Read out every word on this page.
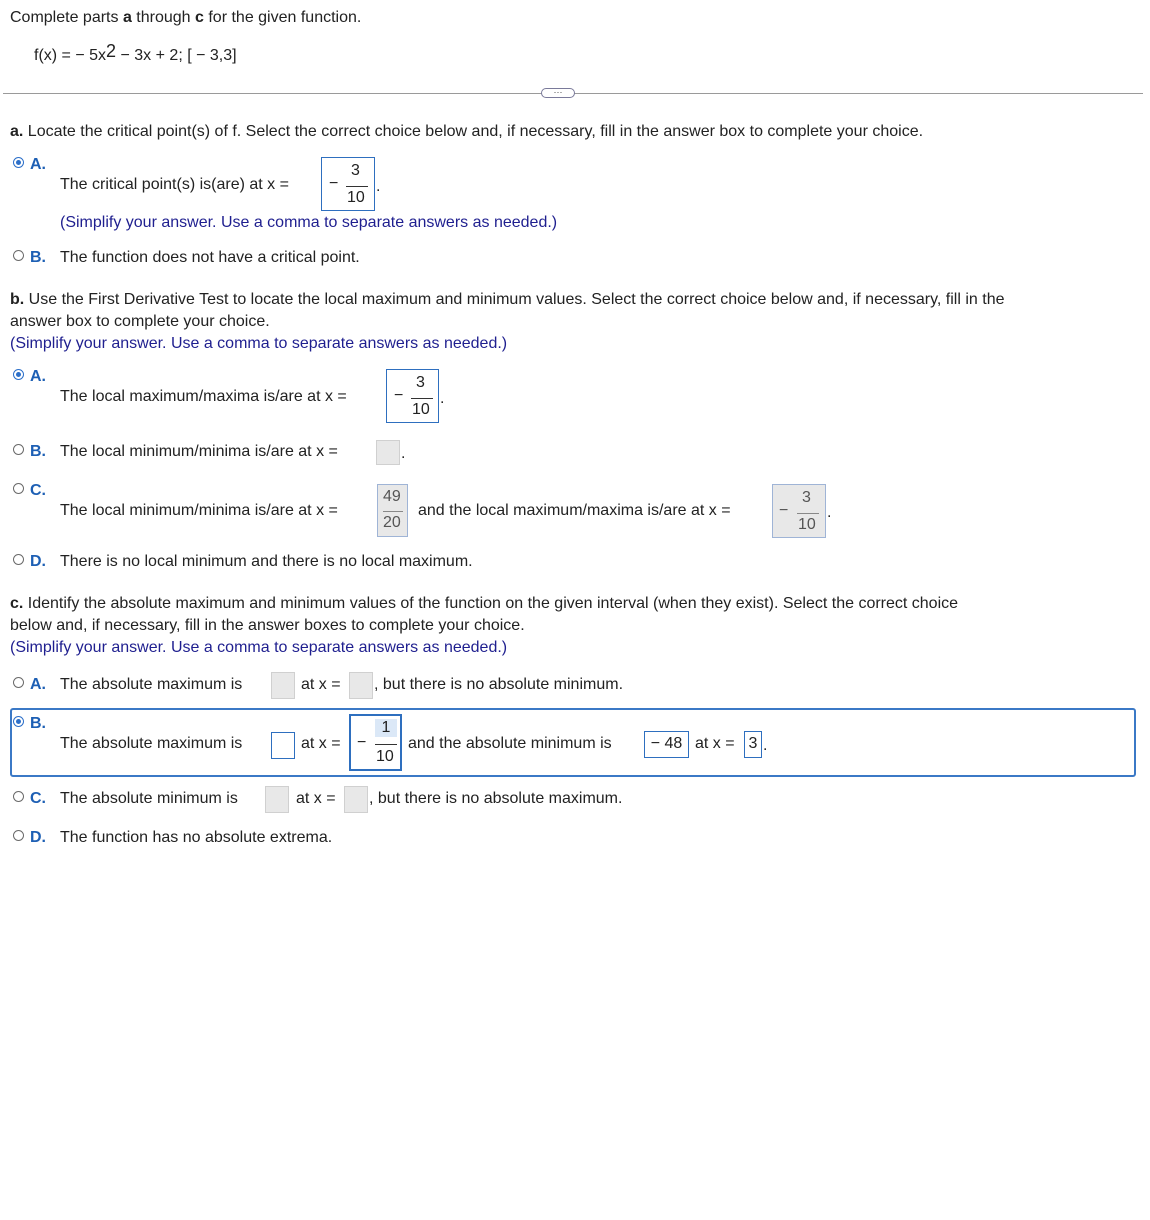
Complete parts a through c for the given function.
f(x) = − $5x^2 - 3x + 2$; [ − 3,3]
⋯
a. Locate the critical point(s) of f. Select the correct choice below and, if necessary, fill in the answer box to complete your choice.
A.
The critical point(s) is(are) at x =	−
3
10
.
(Simplify your answer. Use a comma to separate answers as needed.)
B. The function does not have a critical point.
b. Use the First Derivative Test to locate the local maximum and minimum values. Select the correct choice below and, if necessary, fill in the
answer box to complete your choice.
(Simplify your answer. Use a comma to separate answers as needed.)
A.
The local maximum/maxima is/are at x =	−
3
10
.
B. The local minimum/minima is/are at x =	.
C.
The local minimum/minima is/are at x =
49
20
and the local maximum/maxima is/are at x =	−
3
10
.
D. There is no local minimum and there is no local maximum.
c. Identify the absolute maximum and minimum values of the function on the given interval (when they exist). Select the correct choice
below and, if necessary, fill in the answer boxes to complete your choice.
(Simplify your answer. Use a comma to separate answers as needed.)
A. The absolute maximum is	at x = , but there is no absolute minimum.
B.
The absolute maximum is	at x = −
1
10
and the absolute minimum is	− 48 at x = 3 .
C. The absolute minimum is	at x = , but there is no absolute maximum.
D. The function has no absolute extrema.
